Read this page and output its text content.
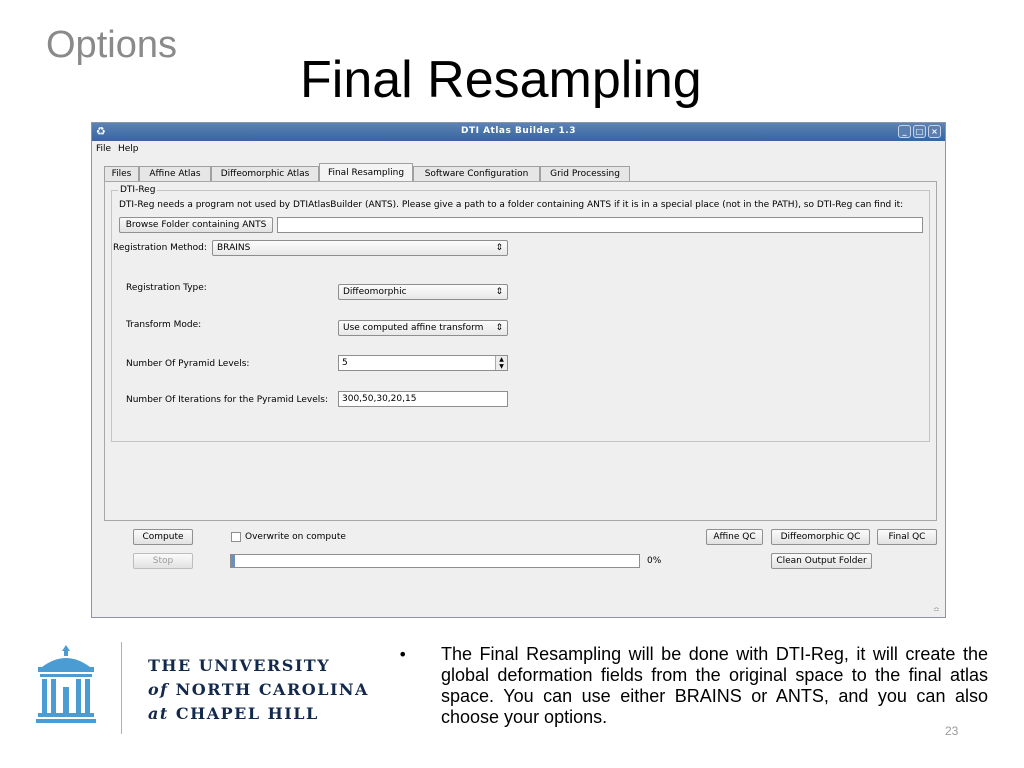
Options
Final Resampling
♻	DTI Atlas Builder 1.3	_	□ ×
File Help
Files	Affine Atlas	Diffeomorphic Atlas	Final Resampling	Software Configuration	Grid Processing
DTI-Reg
DTI-Reg needs a program not used by DTIAtlasBuilder (ANTS). Please give a path to a folder containing ANTS if it is in a special place (not in the PATH), so DTI-Reg can find it:
Browse Folder containing ANTS
Registration Method:	BRAINS	⇕
Registration Type:	Diffeomorphic	⇕
Transform Mode:	Use computed affine transform ⇕
Number Of Pyramid Levels:	5	▲
▼
Number Of Iterations for the Pyramid Levels:	300,50,30,20,15
Compute	Overwrite on compute	Affine QC	Diffeomorphic QC	Final QC
Stop	0%	Clean Output Folder
≏
THE UNIVERSITY
of NORTH CAROLINA
at CHAPEL HILL
• The Final Resampling will be done with DTI-Reg, it will create the global deformation fields from the original space to the final atlas space. You can use either BRAINS or ANTS, and you can also choose your options.
23
